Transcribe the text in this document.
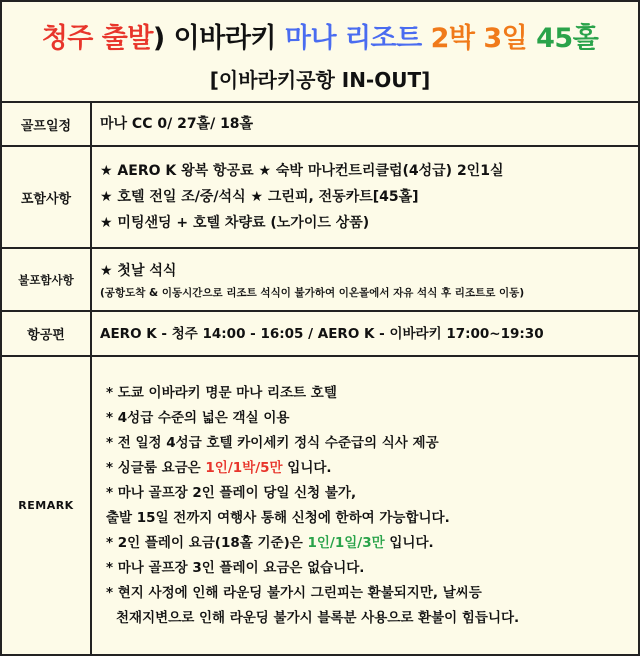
청주 출발) 이바라키 마나 리조트 2박 3일 45홀
[이바라키공항 IN-OUT]
골프일정	마나 CC 0/ 27홀/ 18홀
포함사항
★ AERO K 왕복 항공료 ★ 숙박 마나컨트리클럽(4성급) 2인1실
★ 호텔 전일 조/중/석식 ★ 그린피, 전동카트[45홀]
★ 미팅샌딩 + 호텔 차량료 (노가이드 상품)
불포함사항
★ 첫날 석식
(공항도착 & 이동시간으로 리조트 석식이 불가하여 이온몰에서 자유 석식 후 리조트로 이동)
항공편	AERO K - 청주 14:00 - 16:05 / AERO K - 이바라키 17:00~19:30
REMARK
* 도쿄 이바라키 명문 마나 리조트 호텔
* 4성급 수준의 넓은 객실 이용
* 전 일정 4성급 호텔 카이세키 정식 수준급의 식사 제공
* 싱글룸 요금은 1인/1박/5만 입니다.
* 마나 골프장 2인 플레이 당일 신청 불가,
출발 15일 전까지 여행사 통해 신청에 한하여 가능합니다.
* 2인 플레이 요금(18홀 기준)은 1인/1일/3만 입니다.
* 마나 골프장 3인 플레이 요금은 없습니다.
* 현지 사정에 인해 라운딩 불가시 그린피는 환불되지만, 날씨등
천재지변으로 인해 라운딩 불가시 블록분 사용으로 환불이 힘듭니다.
